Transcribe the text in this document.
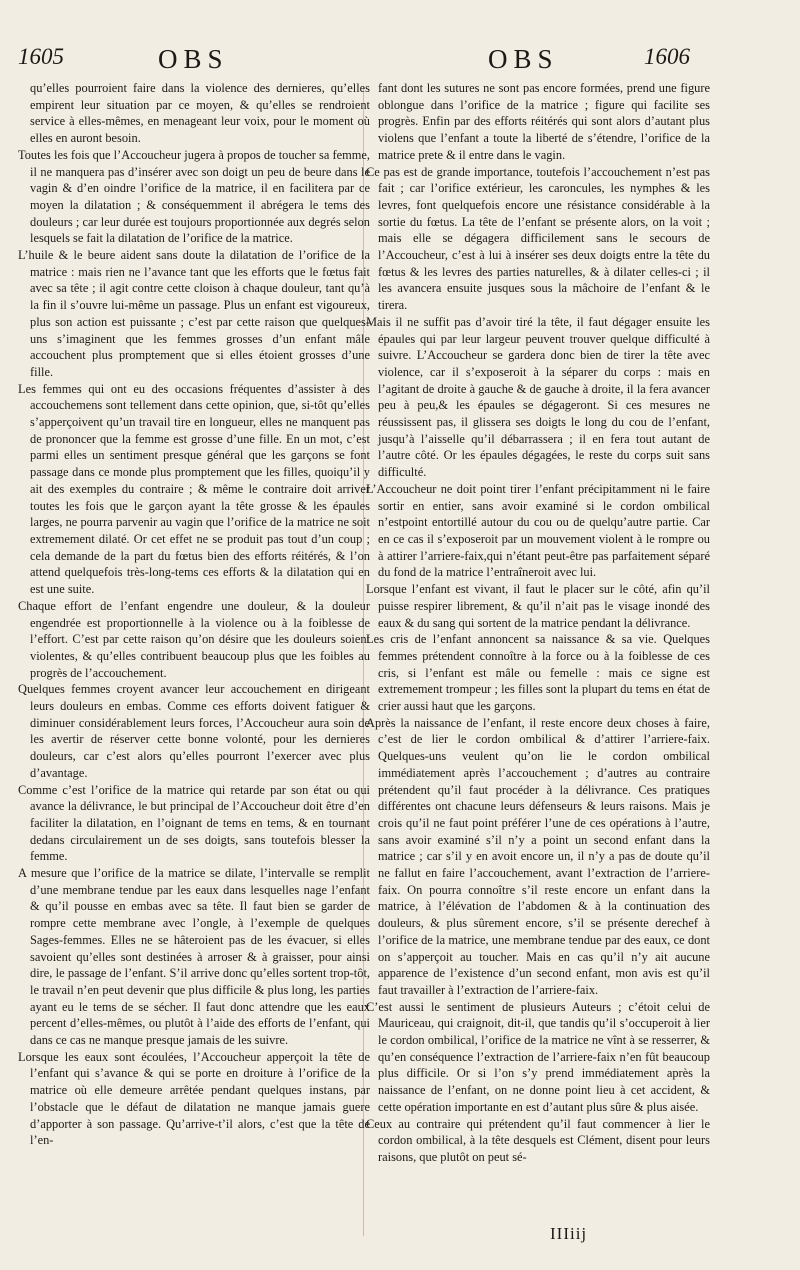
1605	OBS	OBS	1606

qu’elles pourroient faire dans la violence des dernieres, qu’elles empirent leur situation par ce moyen, & qu’elles se rendroient service à elles-mêmes, en menageant leur voix, pour le moment où elles en auront besoin.

Toutes les fois que l’Accoucheur jugera à propos de toucher sa femme, il ne manquera pas d’insérer avec son doigt un peu de beure dans le vagin & d’en oindre l’orifice de la matrice, il en facilitera par ce moyen la dilatation ; & conséquemment il abrégera le tems des douleurs ; car leur durée est toujours proportionnée aux degrés selon lesquels se fait la dilatation de l’orifice de la matrice.

L’huile & le beure aident sans doute la dilatation de l’orifice de la matrice : mais rien ne l’avance tant que les efforts que le fœtus fait avec sa tête ; il agit contre cette cloison à chaque douleur, tant qu’à la fin il s’ouvre lui-même un passage. Plus un enfant est vigoureux, plus son action est puissante ; c’est par cette raison que quelques-uns s’imaginent que les femmes grosses d’un enfant mâle accouchent plus promptement que si elles étoient grosses d’une fille.

Les femmes qui ont eu des occasions fréquentes d’assister à des accouchemens sont tellement dans cette opinion, que, si-tôt qu’elles s’apperçoivent qu’un travail tire en longueur, elles ne manquent pas de prononcer que la femme est grosse d’une fille. En un mot, c’est parmi elles un sentiment presque général que les garçons se font passage dans ce monde plus promptement que les filles, quoiqu’il y ait des exemples du contraire ; & même le contraire doit arriver toutes les fois que le garçon ayant la tête grosse & les épaules larges, ne pourra parvenir au vagin que l’orifice de la matrice ne soit extremement dilaté. Or cet effet ne se produit pas tout d’un coup ; cela demande de la part du fœtus bien des efforts réitérés, & l’on attend quelquefois très-long-tems ces efforts & la dilatation qui en est une suite.

Chaque effort de l’enfant engendre une douleur, & la douleur engendrée est proportionnelle à la violence ou à la foiblesse de l’effort. C’est par cette raison qu’on désire que les douleurs soient violentes, & qu’elles contribuent beaucoup plus que les foibles au progrès de l’accouchement.

Quelques femmes croyent avancer leur accouchement en dirigeant leurs douleurs en embas. Comme ces efforts doivent fatiguer & diminuer considérablement leurs forces, l’Accoucheur aura soin de les avertir de réserver cette bonne volonté, pour les dernieres douleurs, car c’est alors qu’elles pourront l’exercer avec plus d’avantage.

Comme c’est l’orifice de la matrice qui retarde par son état ou qui avance la délivrance, le but principal de l’Accoucheur doit être d’en faciliter la dilatation, en l’oignant de tems en tems, & en tournant dedans circulairement un de ses doigts, sans toutefois blesser la femme.

A mesure que l’orifice de la matrice se dilate, l’intervalle se remplit d’une membrane tendue par les eaux dans lesquelles nage l’enfant & qu’il pousse en embas avec sa tête. Il faut bien se garder de rompre cette membrane avec l’ongle, à l’exemple de quelques Sages-femmes. Elles ne se hâteroient pas de les évacuer, si elles savoient qu’elles sont destinées à arroser & à graisser, pour ainsi dire, le passage de l’enfant. S’il arrive donc qu’elles sortent trop-tôt, le travail n’en peut devenir que plus difficile & plus long, les parties ayant eu le tems de se sécher. Il faut donc attendre que les eaux percent d’elles-mêmes, ou plutôt à l’aide des efforts de l’enfant, qui dans ce cas ne manque presque jamais de les suivre.

Lorsque les eaux sont écoulées, l’Accoucheur apperçoit la tête de l’enfant qui s’avance & qui se porte en droiture à l’orifice de la matrice où elle demeure arrêtée pendant quelques instans, par l’obstacle que le défaut de dilatation ne manque jamais guere d’apporter à son passage. Qu’arrive-t’il alors, c’est que la tête de l’en-

fant dont les sutures ne sont pas encore formées, prend une figure oblongue dans l’orifice de la matrice ; figure qui facilite ses progrès. Enfin par des efforts réitérés qui sont alors d’autant plus violens que l’enfant a toute la liberté de s’étendre, l’orifice de la matrice prete & il entre dans le vagin.

Ce pas est de grande importance, toutefois l’accouchement n’est pas fait ; car l’orifice extérieur, les caroncules, les nymphes & les levres, font quelquefois encore une résistance considérable à la sortie du fœtus. La tête de l’enfant se présente alors, on la voit ; mais elle se dégagera difficilement sans le secours de l’Accoucheur, c’est à lui à insérer ses deux doigts entre la tête du fœtus & les levres des parties naturelles, & à dilater celles-ci ; il les avancera ensuite jusques sous la mâchoire de l’enfant & le tirera.

Mais il ne suffit pas d’avoir tiré la tête, il faut dégager ensuite les épaules qui par leur largeur peuvent trouver quelque difficulté à suivre. L’Accoucheur se gardera donc bien de tirer la tête avec violence, car il s’exposeroit à la séparer du corps : mais en l’agitant de droite à gauche & de gauche à droite, il la fera avancer peu à peu,& les épaules se dégageront. Si ces mesures ne réussissent pas, il glissera ses doigts le long du cou de l’enfant, jusqu’à l’aisselle qu’il débarrassera ; il en fera tout autant de l’autre côté. Or les épaules dégagées, le reste du corps suit sans difficulté.

L’Accoucheur ne doit point tirer l’enfant précipitamment ni le faire sortir en entier, sans avoir examiné si le cordon ombilical n’estpoint entortillé autour du cou ou de quelqu’autre partie. Car en ce cas il s’exposeroit par un mouvement violent à le rompre ou à attirer l’arriere-faix,qui n’étant peut-être pas parfaitement séparé du fond de la matrice l’entraîneroit avec lui.

Lorsque l’enfant est vivant, il faut le placer sur le côté, afin qu’il puisse respirer librement, & qu’il n’ait pas le visage inondé des eaux & du sang qui sortent de la matrice pendant la délivrance.

Les cris de l’enfant annoncent sa naissance & sa vie. Quelques femmes prétendent connoître à la force ou à la foiblesse de ces cris, si l’enfant est mâle ou femelle : mais ce signe est extremement trompeur ; les filles sont la plupart du tems en état de crier aussi haut que les garçons.

Après la naissance de l’enfant, il reste encore deux choses à faire, c’est de lier le cordon ombilical & d’attirer l’arriere-faix. Quelques-uns veulent qu’on lie le cordon ombilical immédiatement après l’accouchement ; d’autres au contraire prétendent qu’il faut procéder à la délivrance. Ces pratiques différentes ont chacune leurs défenseurs & leurs raisons. Mais je crois qu’il ne faut point préférer l’une de ces opérations à l’autre, sans avoir examiné s’il n’y a point un second enfant dans la matrice ; car s’il y en avoit encore un, il n’y a pas de doute qu’il ne fallut en faire l’accouchement, avant l’extraction de l’arriere-faix. On pourra connoître s’il reste encore un enfant dans la matrice, à l’élévation de l’abdomen & à la continuation des douleurs, & plus sûrement encore, s’il se présente derechef à l’orifice de la matrice, une membrane tendue par des eaux, ce dont on s’apperçoit au toucher. Mais en cas qu’il n’y ait aucune apparence de l’existence d’un second enfant, mon avis est qu’il faut travailler à l’extraction de l’arriere-faix.

C’est aussi le sentiment de plusieurs Auteurs ; c’étoit celui de Mauriceau, qui craignoit, dit-il, que tandis qu’il s’occuperoit à lier le cordon ombilical, l’orifice de la matrice ne vînt à se resserrer, & qu’en conséquence l’extraction de l’arriere-faix n’en fût beaucoup plus difficile. Or si l’on s’y prend immédiatement après la naissance de l’enfant, on ne donne point lieu à cet accident, & cette opération importante en est d’autant plus sûre & plus aisée.

Ceux au contraire qui prétendent qu’il faut commencer à lier le cordon ombilical, à la tête desquels est Clément, disent pour leurs raisons, que plutôt on peut sé-

IIIiij
